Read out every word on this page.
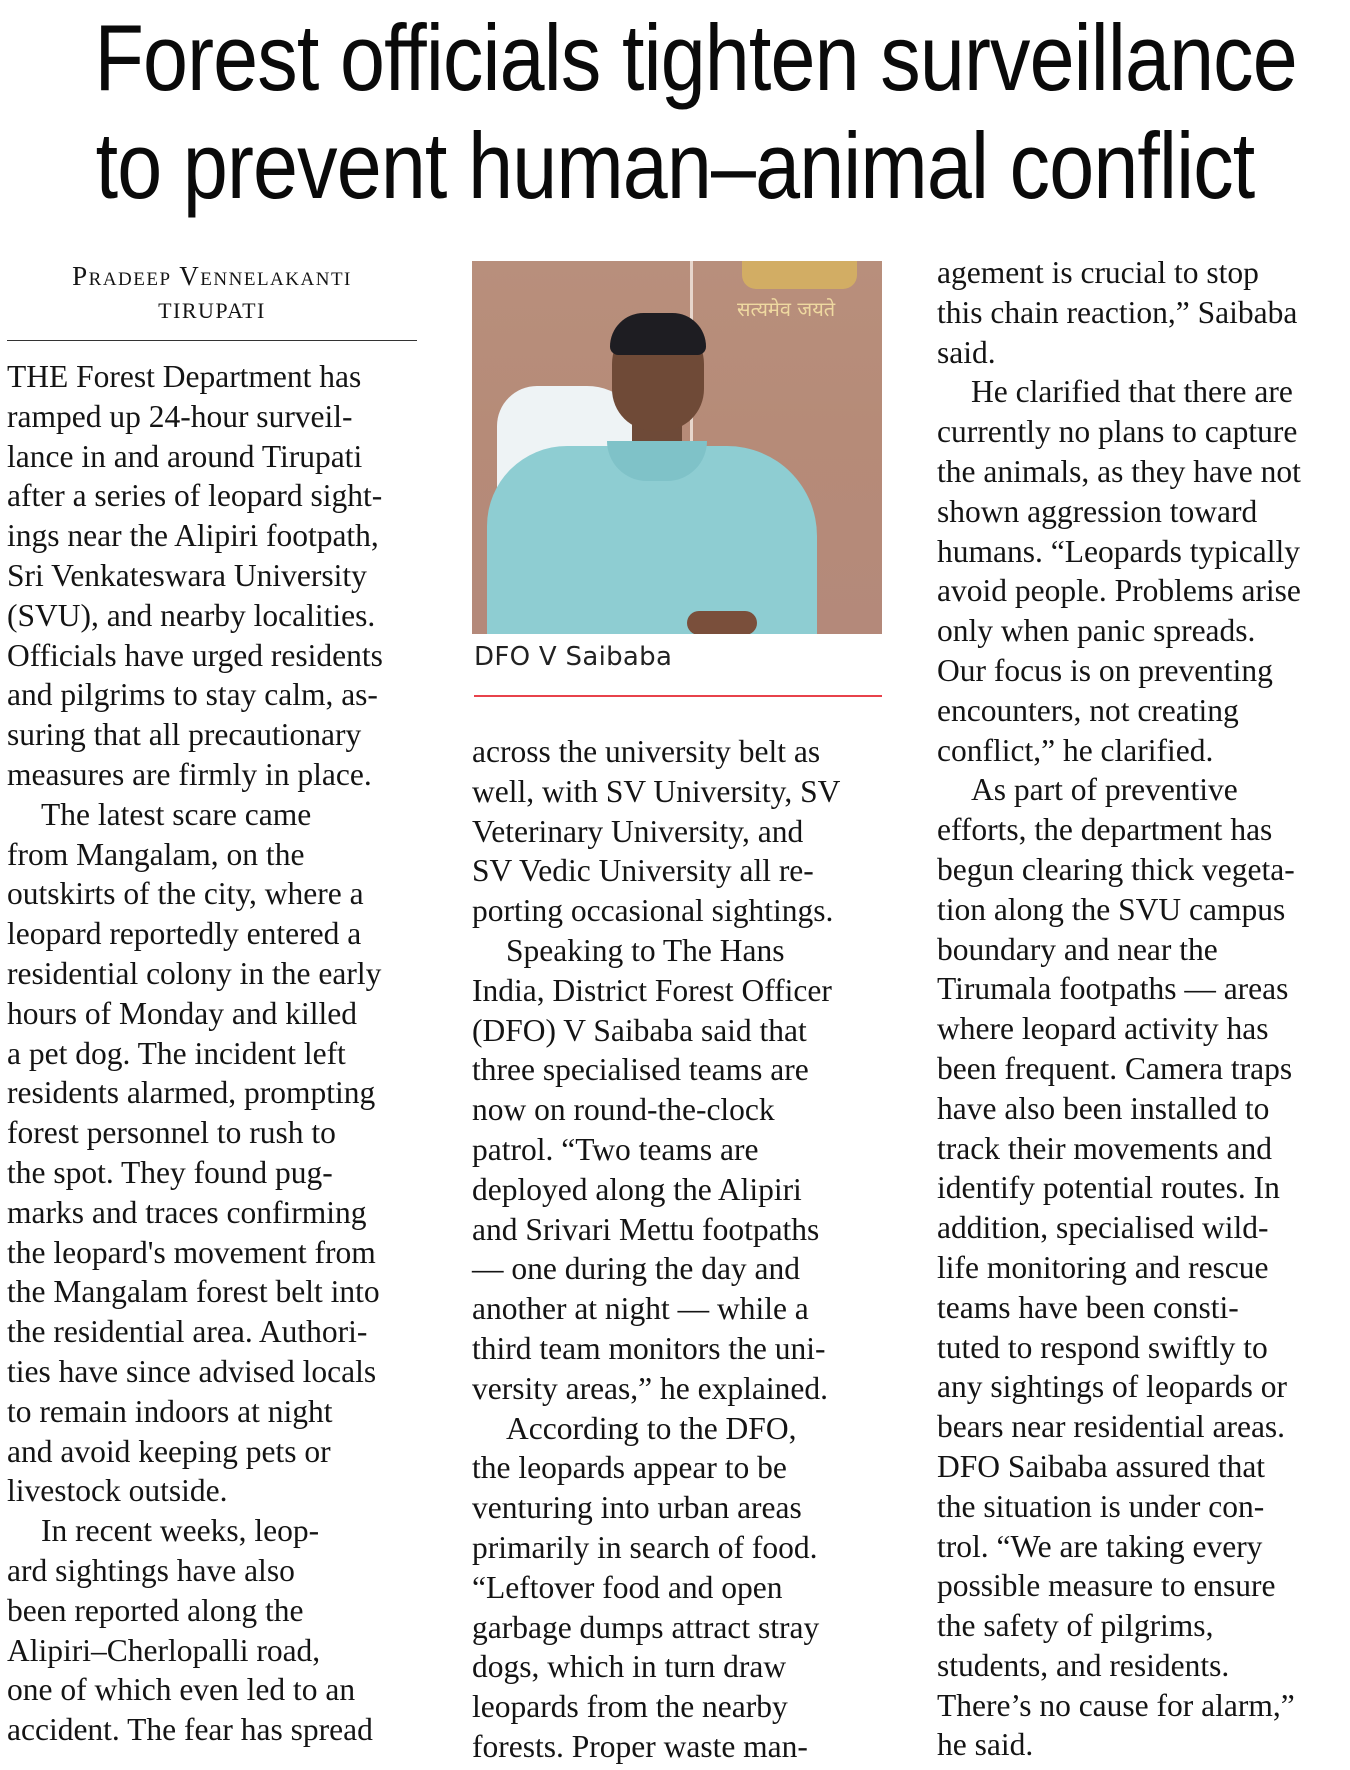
Forest officials tighten surveillance
to prevent human–animal conflict
Pradeep Vennelakanti
TIRUPATI

THE Forest Department has
ramped up 24-hour surveil-
lance in and around Tirupati
after a series of leopard sight-
ings near the Alipiri footpath,
Sri Venkateswara University
(SVU), and nearby localities.
Officials have urged residents
and pilgrims to stay calm, as-
suring that all precautionary
measures are firmly in place.

The latest scare came
from Mangalam, on the
outskirts of the city, where a
leopard reportedly entered a
residential colony in the early
hours of Monday and killed
a pet dog. The incident left
residents alarmed, prompting
forest personnel to rush to
the spot. They found pug-
marks and traces confirming
the leopard's movement from
the Mangalam forest belt into
the residential area. Authori-
ties have since advised locals
to remain indoors at night
and avoid keeping pets or
livestock outside.

In recent weeks, leop-
ard sightings have also
been reported along the
Alipiri–Cherlopalli road,
one of which even led to an
accident. The fear has spread

सत्यमेव जयते
DFO V Saibaba

across the university belt as
well, with SV University, SV
Veterinary University, and
SV Vedic University all re-
porting occasional sightings.

Speaking to The Hans
India, District Forest Officer
(DFO) V Saibaba said that
three specialised teams are
now on round-the-clock
patrol. “Two teams are
deployed along the Alipiri
and Srivari Mettu footpaths
— one during the day and
another at night — while a
third team monitors the uni-
versity areas,” he explained.

According to the DFO,
the leopards appear to be
venturing into urban areas
primarily in search of food.
“Leftover food and open
garbage dumps attract stray
dogs, which in turn draw
leopards from the nearby
forests. Proper waste man-

agement is crucial to stop
this chain reaction,” Saibaba
said.

He clarified that there are
currently no plans to capture
the animals, as they have not
shown aggression toward
humans. “Leopards typically
avoid people. Problems arise
only when panic spreads.
Our focus is on preventing
encounters, not creating
conflict,” he clarified.

As part of preventive
efforts, the department has
begun clearing thick vegeta-
tion along the SVU campus
boundary and near the
Tirumala footpaths — areas
where leopard activity has
been frequent. Camera traps
have also been installed to
track their movements and
identify potential routes. In
addition, specialised wild-
life monitoring and rescue
teams have been consti-
tuted to respond swiftly to
any sightings of leopards or
bears near residential areas.
DFO Saibaba assured that
the situation is under con-
trol. “We are taking every
possible measure to ensure
the safety of pilgrims,
students, and residents.
There’s no cause for alarm,”
he said.
